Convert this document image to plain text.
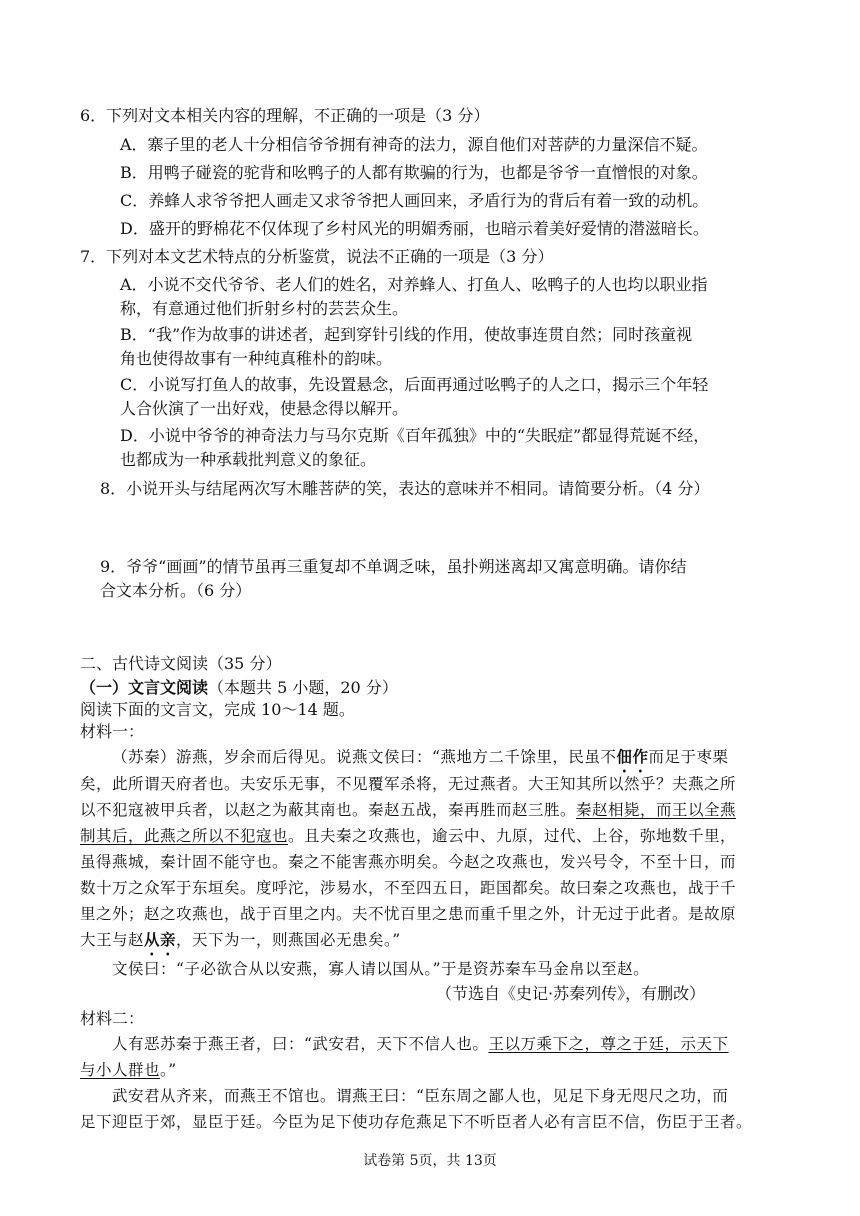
6．下列对文本相关内容的理解，不正确的一项是（3 分）
A．寨子里的老人十分相信爷爷拥有神奇的法力，源自他们对菩萨的力量深信不疑。
B．用鸭子碰瓷的驼背和吆鸭子的人都有欺骗的行为，也都是爷爷一直憎恨的对象。
C．养蜂人求爷爷把人画走又求爷爷把人画回来，矛盾行为的背后有着一致的动机。
D．盛开的野棉花不仅体现了乡村风光的明媚秀丽，也暗示着美好爱情的潜滋暗长。
7．下列对本文艺术特点的分析鉴赏，说法不正确的一项是（3 分）
A．小说不交代爷爷、老人们的姓名，对养蜂人、打鱼人、吆鸭子的人也均以职业指
称，有意通过他们折射乡村的芸芸众生。
B．“我”作为故事的讲述者，起到穿针引线的作用，使故事连贯自然；同时孩童视
角也使得故事有一种纯真稚朴的韵味。
C．小说写打鱼人的故事，先设置悬念，后面再通过吆鸭子的人之口，揭示三个年轻
人合伙演了一出好戏，使悬念得以解开。
D．小说中爷爷的神奇法力与马尔克斯《百年孤独》中的“失眠症”都显得荒诞不经，
也都成为一种承载批判意义的象征。
8．小说开头与结尾两次写木雕菩萨的笑，表达的意味并不相同。请简要分析。（4 分）
9．爷爷“画画”的情节虽再三重复却不单调乏味，虽扑朔迷离却又寓意明确。请你结
合文本分析。（6 分）
二、古代诗文阅读（35 分）
（一）文言文阅读（本题共 5 小题，20 分）
阅读下面的文言文，完成 10～14 题。
材料一：
（苏秦）游燕，岁余而后得见。说燕文侯曰：“燕地方二千馀里，民虽不佃作而足于枣栗
矣，此所谓天府者也。夫安乐无事，不见覆军杀将，无过燕者。大王知其所以然乎？夫燕之所
以不犯寇被甲兵者，以赵之为蔽其南也。秦赵五战，秦再胜而赵三胜。秦赵相毙，而王以全燕
制其后，此燕之所以不犯寇也。且夫秦之攻燕也，逾云中、九原，过代、上谷，弥地数千里，
虽得燕城，秦计固不能守也。秦之不能害燕亦明矣。今赵之攻燕也，发兴号令，不至十日，而
数十万之众军于东垣矣。度呼沱，涉易水，不至四五日，距国都矣。故曰秦之攻燕也，战于千
里之外；赵之攻燕也，战于百里之内。夫不忧百里之患而重千里之外，计无过于此者。是故原
大王与赵从亲，天下为一，则燕国必无患矣。”
文侯曰：“子必欲合从以安燕，寡人请以国从。”于是资苏秦车马金帛以至赵。
（节选自《史记·苏秦列传》，有删改）
材料二：
人有恶苏秦于燕王者，曰：“武安君，天下不信人也。王以万乘下之，尊之于廷，示天下
与小人群也。”
武安君从齐来，而燕王不馆也。谓燕王曰：“臣东周之鄙人也，见足下身无咫尺之功，而
足下迎臣于郊，显臣于廷。今臣为足下使功存危燕足下不听臣者人必有言臣不信，伤臣于王者。
试卷第 5页，共 13页
